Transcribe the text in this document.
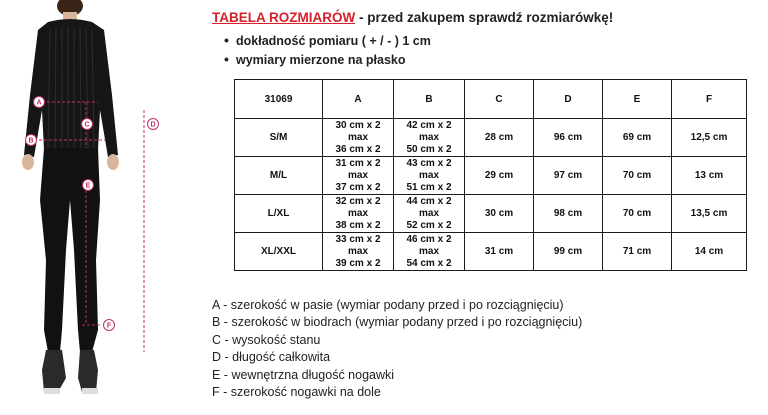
A
B
C	D
E
F
TABELA ROZMIARÓW - przed zakupem sprawdź rozmiarówkę!
• dokładność pomiaru ( + / - ) 1 cm
• wymiary mierzone na płasko
31069	A	B	C	D	E	F
S/M	30 cm x 2
max
36 cm x 2	42 cm x 2
max
50 cm x 2	28 cm	96 cm	69 cm	12,5 cm
M/L	31 cm x 2
max
37 cm x 2	43 cm x 2
max
51 cm x 2	29 cm	97 cm	70 cm	13 cm
L/XL	32 cm x 2
max
38 cm x 2	44 cm x 2
max
52 cm x 2	30 cm	98 cm	70 cm	13,5 cm
XL/XXL	33 cm x 2
max
39 cm x 2	46 cm x 2
max
54 cm x 2	31 cm	99 cm	71 cm	14 cm
A - szerokość w pasie (wymiar podany przed i po rozciągnięciu)
B - szerokość w biodrach (wymiar podany przed i po rozciągnięciu)
C - wysokość stanu
D - długość całkowita
E - wewnętrzna długość nogawki
F - szerokość nogawki na dole
